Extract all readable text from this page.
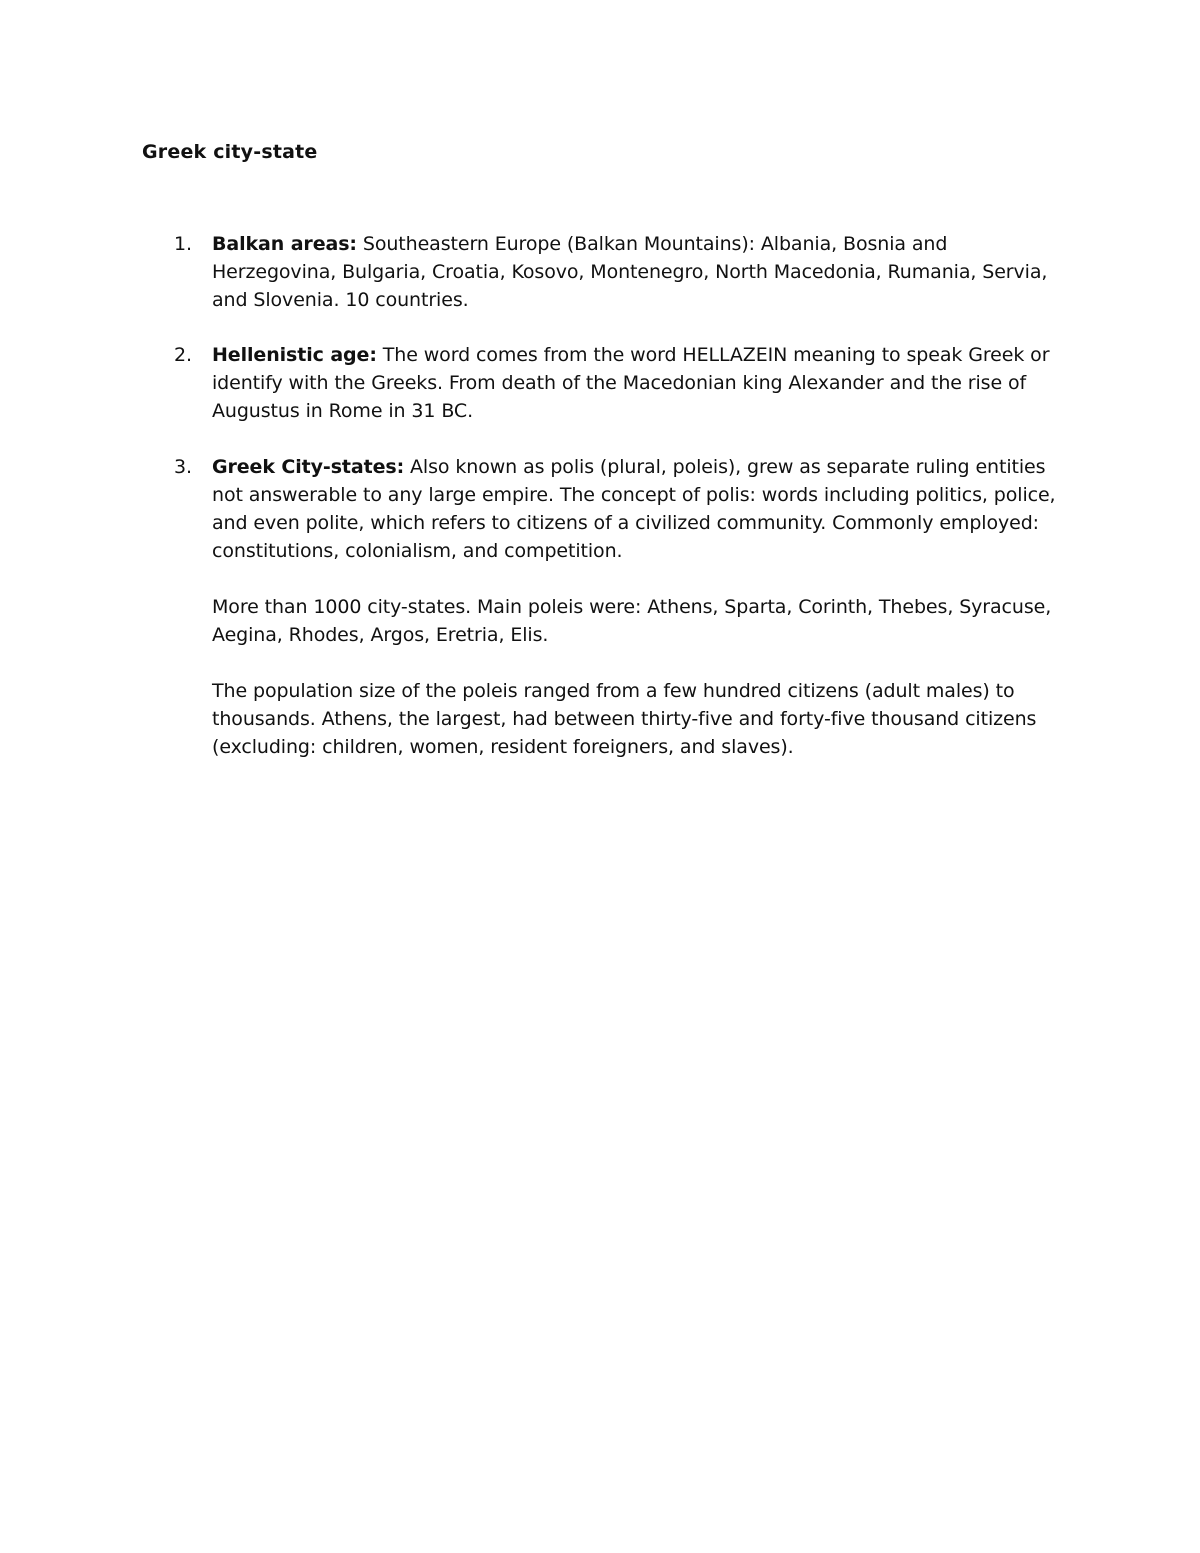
Greek city-state
1.	Balkan areas: Southeastern Europe (Balkan Mountains): Albania, Bosnia and Herzegovina, Bulgaria, Croatia, Kosovo, Montenegro, North Macedonia, Rumania, Servia, and Slovenia. 10 countries.

2.	Hellenistic age: The word comes from the word HELLAZEIN meaning to speak Greek or identify with the Greeks. From death of the Macedonian king Alexander and the rise of Augustus in Rome in 31 BC.

3.	Greek City-states: Also known as polis (plural, poleis), grew as separate ruling entities not answerable to any large empire. The concept of polis: words including politics, police, and even polite, which refers to citizens of a civilized community. Commonly employed: constitutions, colonialism, and competition.

More than 1000 city-states. Main poleis were: Athens, Sparta, Corinth, Thebes, Syracuse, Aegina, Rhodes, Argos, Eretria, Elis.

The population size of the poleis ranged from a few hundred citizens (adult males) to thousands. Athens, the largest, had between thirty-five and forty-five thousand citizens (excluding: children, women, resident foreigners, and slaves).
